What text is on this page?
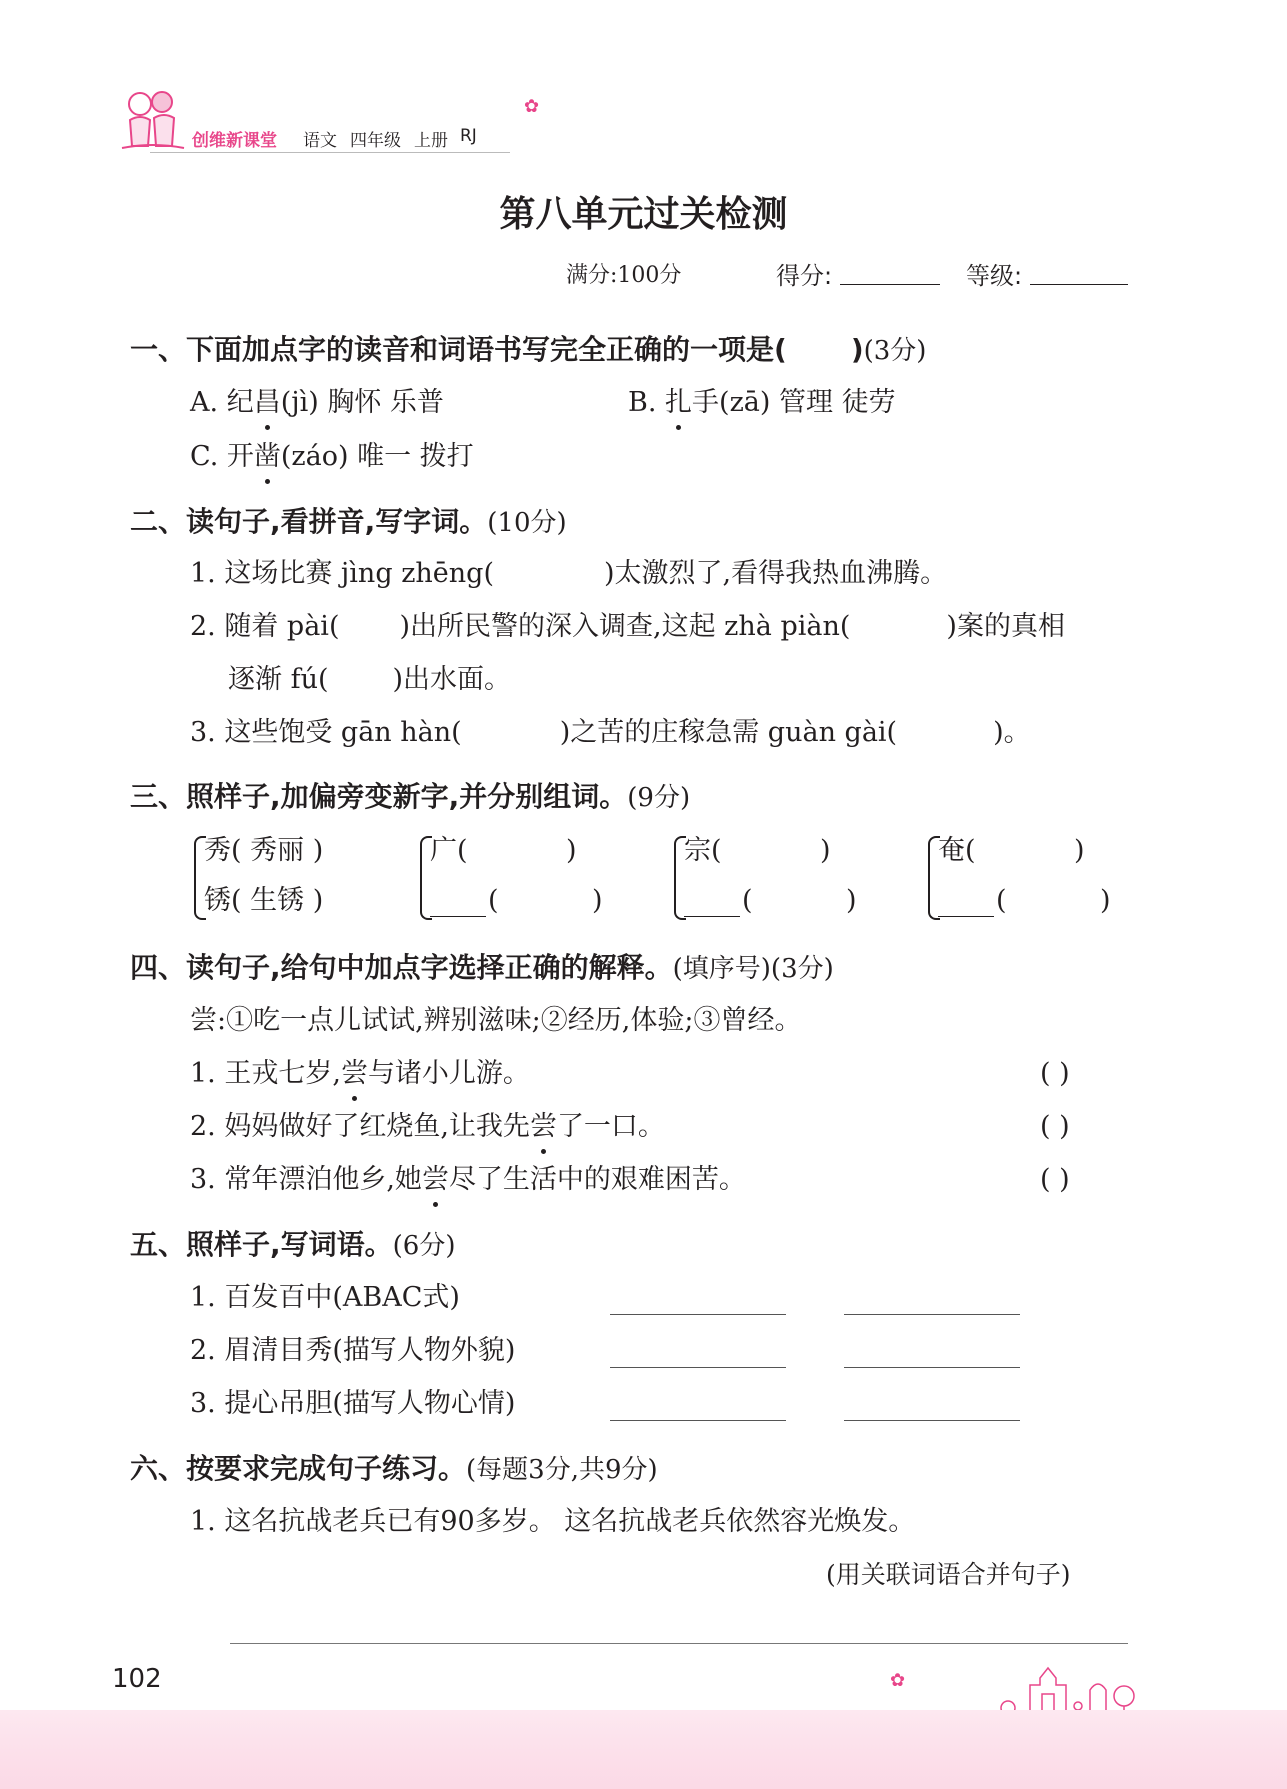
创维新课堂 语文 四年级 上册 RJ
✿
第八单元过关检测
满分:100分	得分:	等级:
一、下面加点字的读音和词语书写完全正确的一项是( )(3分)
A. 纪昌(jì) 胸怀 乐普	B. 扎手(zā) 管理 徒劳
C. 开凿(záo) 唯一 拨打
二、读句子,看拼音,写字词。(10分)
1. 这场比赛 jìng zhēng(	)太激烈了,看得我热血沸腾。
2. 随着 pài( )出所民警的深入调查,这起 zhà piàn(	)案的真相
逐渐 fú( )出水面。
3. 这些饱受 gān hàn(	)之苦的庄稼急需 guàn gài(	)。
三、照样子,加偏旁变新字,并分别组词。(9分)
秀( 秀丽 )
锈( 生锈 )
广(	)
(	)
宗(	)
(	)
奄(	)
(	)
四、读句子,给句中加点字选择正确的解释。(填序号)(3分)
尝:①吃一点儿试试,辨别滋味;②经历,体验;③曾经。
1. 王戎七岁,尝与诸小儿游。	( )
2. 妈妈做好了红烧鱼,让我先尝了一口。	( )
3. 常年漂泊他乡,她尝尽了生活中的艰难困苦。	( )
五、照样子,写词语。(6分)
1. 百发百中(ABAC式)
2. 眉清目秀(描写人物外貌)
3. 提心吊胆(描写人物心情)
六、按要求完成句子练习。(每题3分,共9分)
1. 这名抗战老兵已有90多岁。 这名抗战老兵依然容光焕发。
(用关联词语合并句子)
102	✿
